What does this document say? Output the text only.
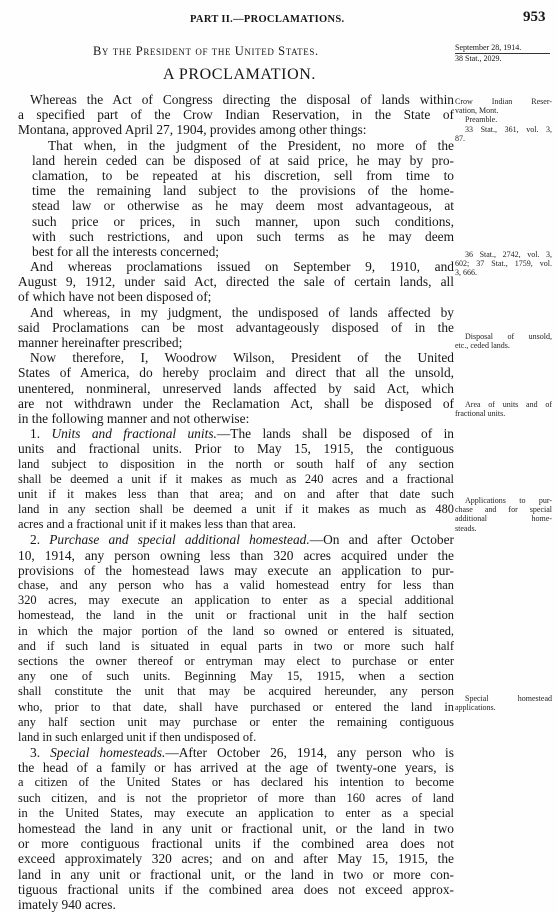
PART II.—PROCLAMATIONS.	953
By the President of the United States.
A PROCLAMATION.
September 28, 1914.
38 Stat., 2029.
Whereas the Act of Congress directing the disposal of lands within
a specified part of the Crow Indian Reservation, in the State of
Montana, approved April 27, 1904, provides among other things:
That when, in the judgment of the President, no more of the
land herein ceded can be disposed of at said price, he may by pro-
clamation, to be repeated at his discretion, sell from time to
time the remaining land subject to the provisions of the home-
stead law or otherwise as he may deem most advantageous, at
such price or prices, in such manner, upon such conditions,
with such restrictions, and upon such terms as he may deem
best for all the interests concerned;
And whereas proclamations issued on September 9, 1910, and
August 9, 1912, under said Act, directed the sale of certain lands, all
of which have not been disposed of;
And whereas, in my judgment, the undisposed of lands affected by
said Proclamations can be most advantageously disposed of in the
manner hereinafter prescribed;
Now therefore, I, Woodrow Wilson, President of the United
States of America, do hereby proclaim and direct that all the unsold,
unentered, nonmineral, unreserved lands affected by said Act, which
are not withdrawn under the Reclamation Act, shall be disposed of
in the following manner and not otherwise:
1. Units and fractional units.—The lands shall be disposed of in
units and fractional units. Prior to May 15, 1915, the contiguous
land subject to disposition in the north or south half of any section
shall be deemed a unit if it makes as much as 240 acres and a fractional
unit if it makes less than that area; and on and after that date such
land in any section shall be deemed a unit if it makes as much as 480
acres and a fractional unit if it makes less than that area.
2. Purchase and special additional homestead.—On and after October
10, 1914, any person owning less than 320 acres acquired under the
provisions of the homestead laws may execute an application to pur-
chase, and any person who has a valid homestead entry for less than
320 acres, may execute an application to enter as a special additional
homestead, the land in the unit or fractional unit in the half section
in which the major portion of the land so owned or entered is situated,
and if such land is situated in equal parts in two or more such half
sections the owner thereof or entryman may elect to purchase or enter
any one of such units. Beginning May 15, 1915, when a section
shall constitute the unit that may be acquired hereunder, any person
who, prior to that date, shall have purchased or entered the land in
any half section unit may purchase or enter the remaining contiguous
land in such enlarged unit if then undisposed of.
3. Special homesteads.—After October 26, 1914, any person who is
the head of a family or has arrived at the age of twenty-one years, is
a citizen of the United States or has declared his intention to become
such citizen, and is not the proprietor of more than 160 acres of land
in the United States, may execute an application to enter as a special
homestead the land in any unit or fractional unit, or the land in two
or more contiguous fractional units if the combined area does not
exceed approximately 320 acres; and on and after May 15, 1915, the
land in any unit or fractional unit, or the land in two or more con-
tiguous fractional units if the combined area does not exceed approx-
imately 940 acres.
Crow Indian Reser-
vation, Mont.
Preamble.
33 Stat., 361, vol. 3,
87.
36 Stat., 2742, vol. 3,
602; 37 Stat., 1759, vol.
3, 666.
Disposal of unsold,
etc., ceded lands.
Area of units and of
fractional units.
Applications to pur-
chase and for special
additional home-
steads.
Special homestead
applications.
